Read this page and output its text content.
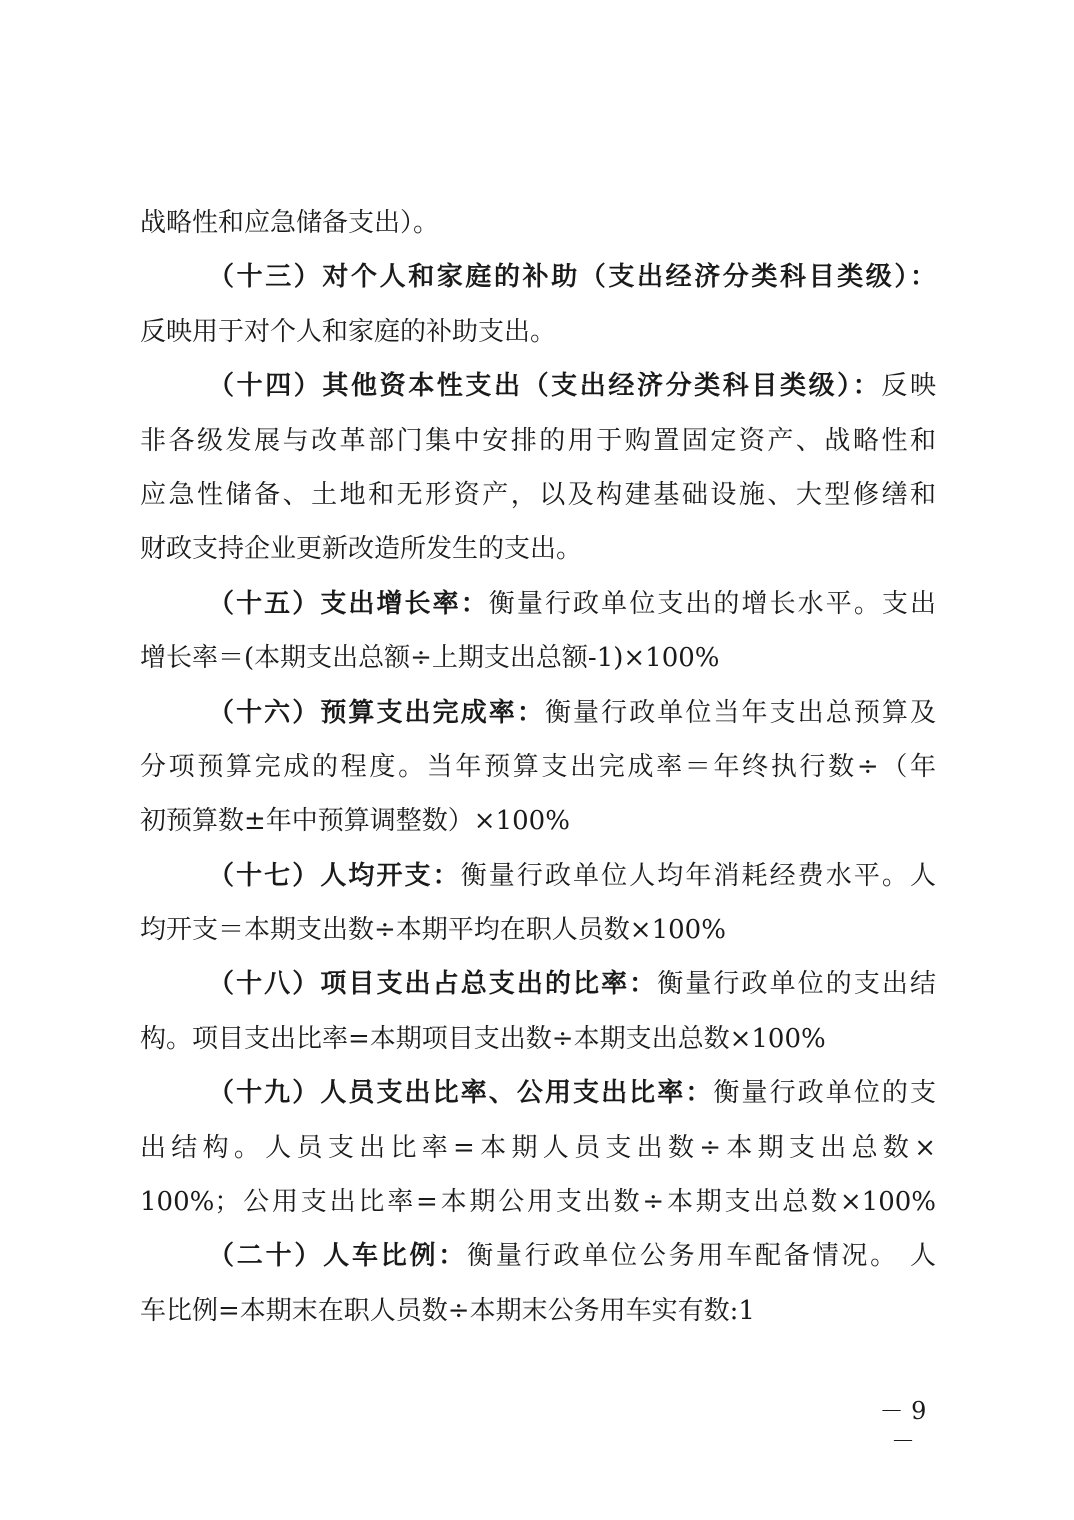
战略性和应急储备支出）。
（十三）对个人和家庭的补助（支出经济分类科目类级）：
反映用于对个人和家庭的补助支出。
（十四）其他资本性支出（支出经济分类科目类级）：反映
非各级发展与改革部门集中安排的用于购置固定资产、战略性和
应急性储备、土地和无形资产，以及构建基础设施、大型修缮和
财政支持企业更新改造所发生的支出。
（十五）支出增长率：衡量行政单位支出的增长水平。支出
增长率＝(本期支出总额÷上期支出总额-1)×100%
（十六）预算支出完成率：衡量行政单位当年支出总预算及
分项预算完成的程度。当年预算支出完成率＝年终执行数÷（年
初预算数±年中预算调整数）×100%
（十七）人均开支：衡量行政单位人均年消耗经费水平。人
均开支＝本期支出数÷本期平均在职人员数×100%
（十八）项目支出占总支出的比率：衡量行政单位的支出结
构。项目支出比率=本期项目支出数÷本期支出总数×100%
（十九）人员支出比率、公用支出比率：衡量行政单位的支
出结构。人员支出比率=本期人员支出数÷本期支出总数×
100%；公用支出比率=本期公用支出数÷本期支出总数×100%
（二十）人车比例：衡量行政单位公务用车配备情况。 人
车比例=本期末在职人员数÷本期末公务用车实有数:1
－ 9 －
